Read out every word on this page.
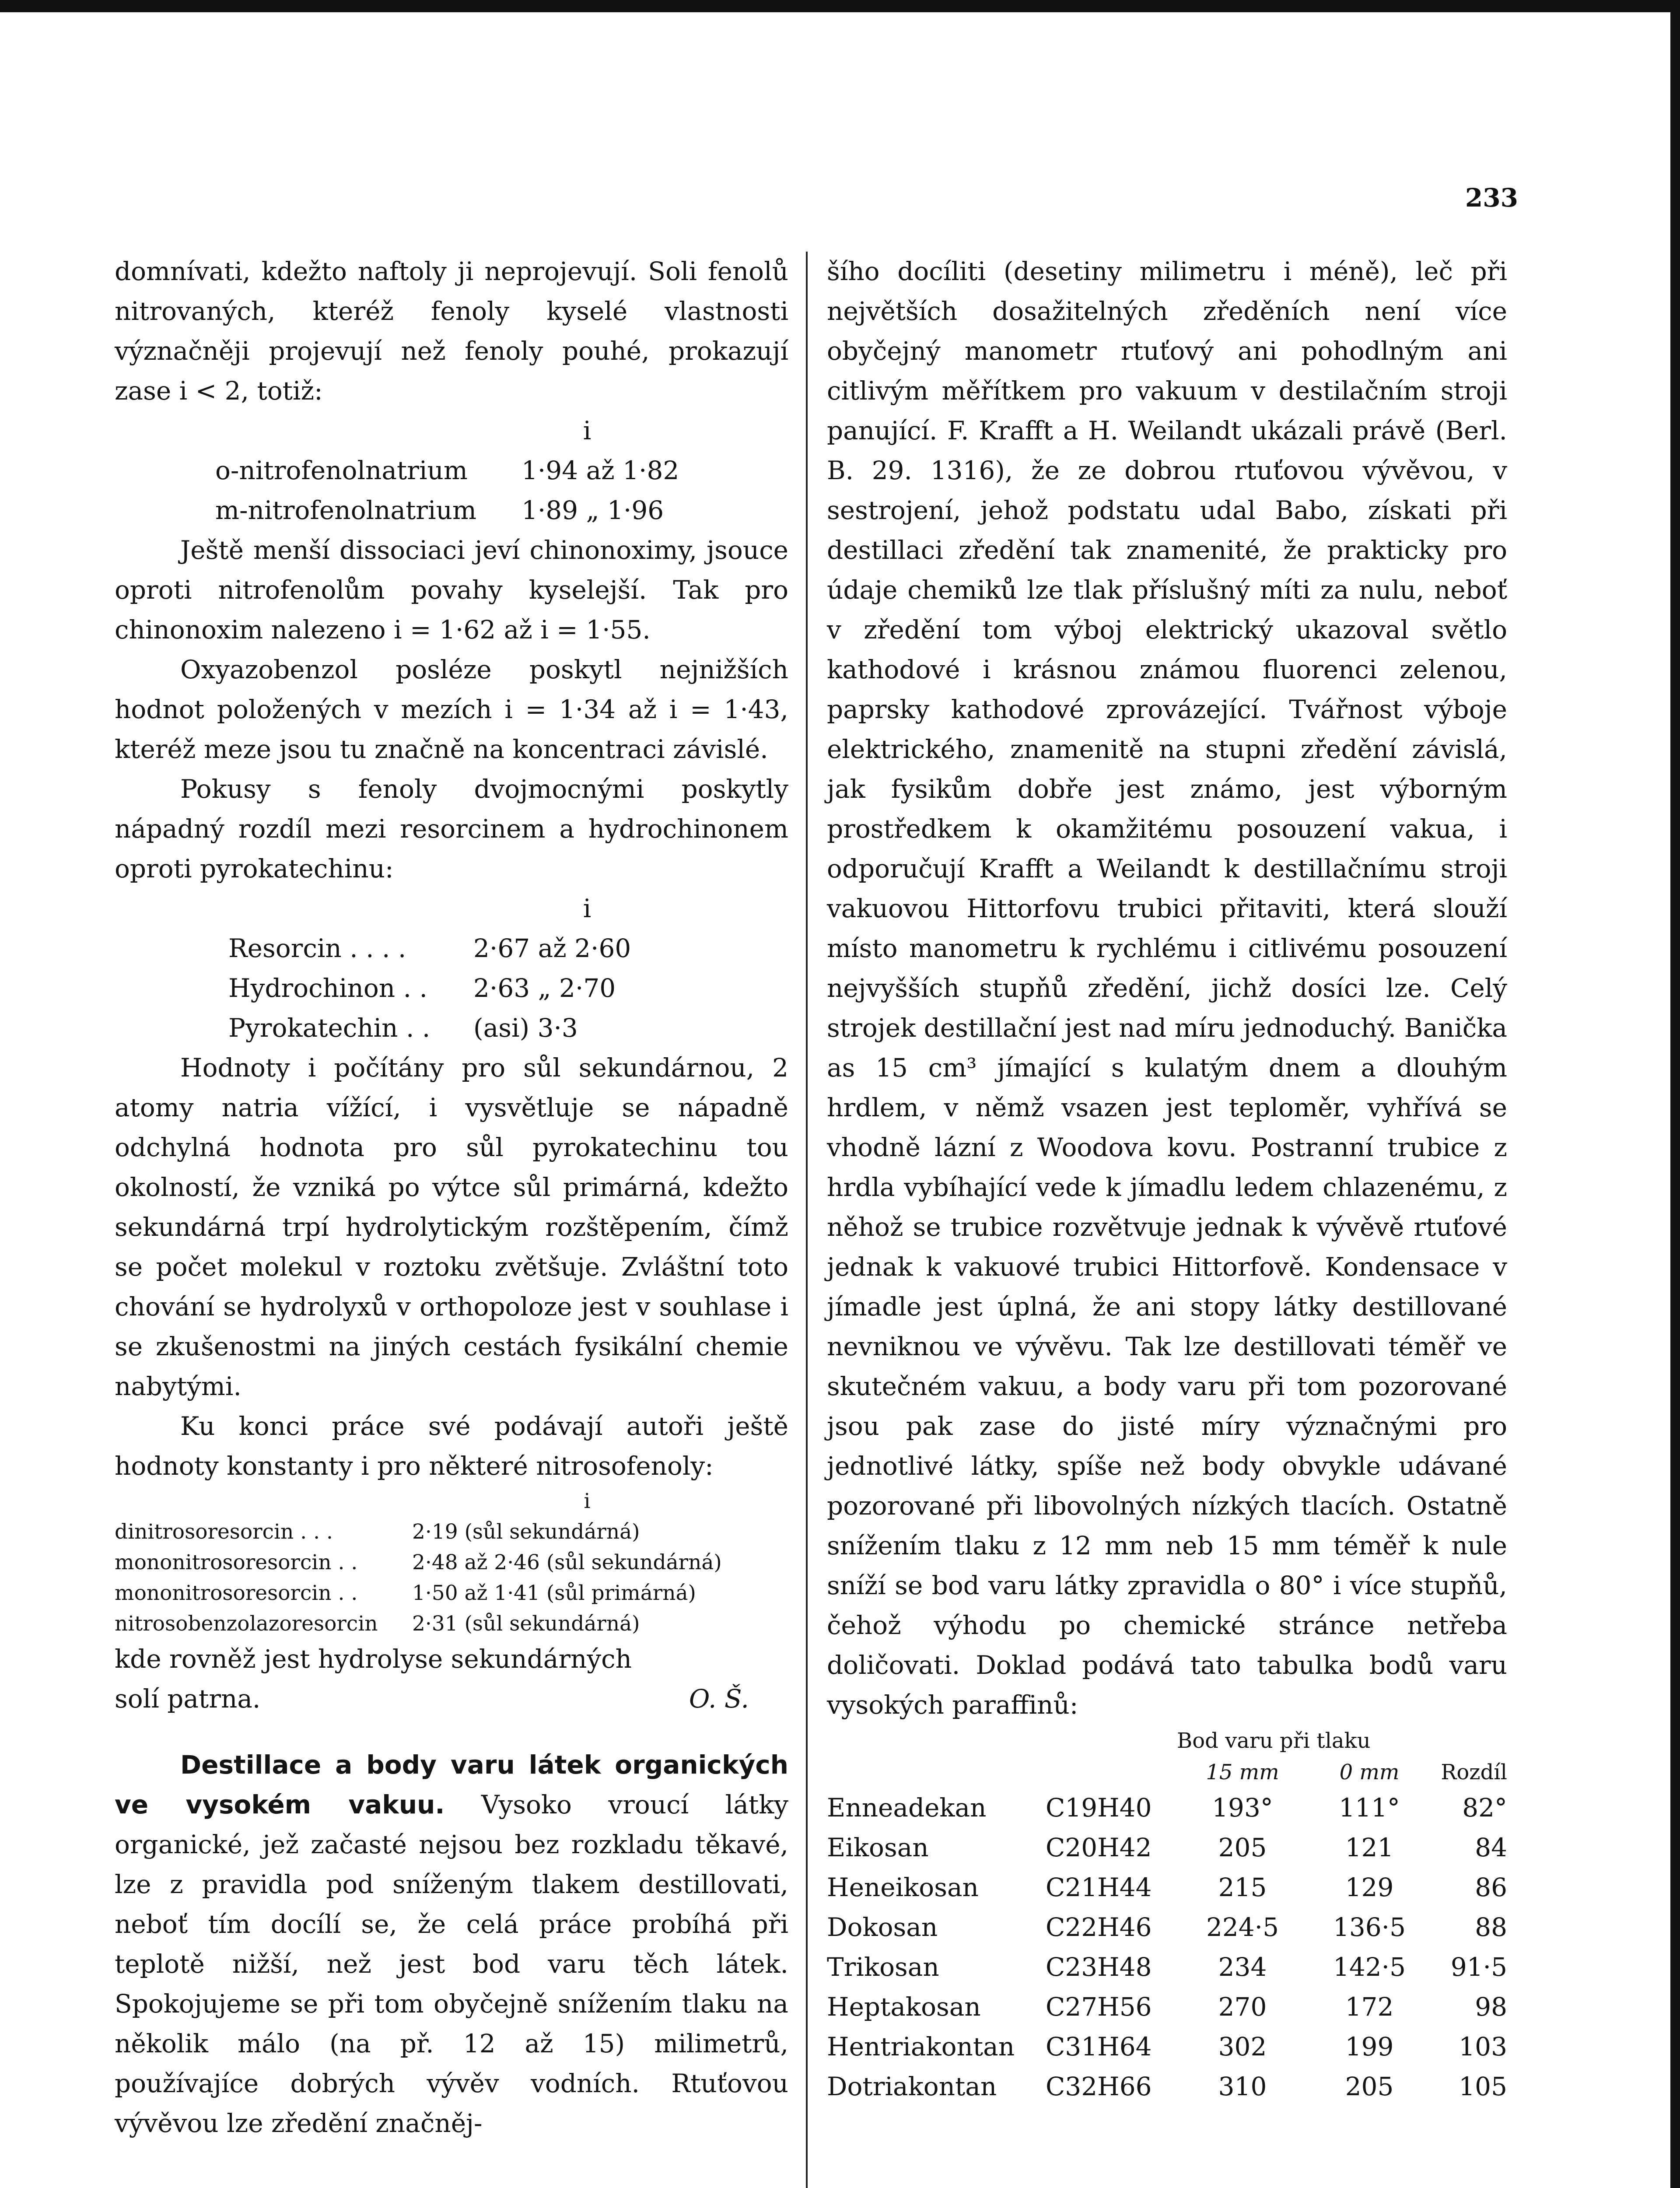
233

domnívati, kdežto naftoly ji neprojevují. Soli fenolů nitrovaných, kteréž fenoly kyselé vlastnosti význačněji projevují než fenoly pouhé, prokazují zase i < 2, totiž:

i
o-nitrofenolnatrium	1·94 až 1·82
m-nitrofenolnatrium	1·89 „ 1·96

Ještě menší dissociaci jeví chinonoximy, jsouce oproti nitrofenolům povahy kyselejší. Tak pro chinonoxim nalezeno i = 1·62 až i = 1·55.

Oxyazobenzol posléze poskytl nejnižších hodnot položených v mezích i = 1·34 až i = 1·43, kteréž meze jsou tu značně na koncentraci závislé.

Pokusy s fenoly dvojmocnými poskytly nápadný rozdíl mezi resorcinem a hydrochinonem oproti pyrokatechinu:

i
Resorcin . . . .	2·67 až 2·60
Hydrochinon . .	2·63 „ 2·70
Pyrokatechin . .	(asi) 3·3

Hodnoty i počítány pro sůl sekundárnou, 2 atomy natria vížící, i vysvětluje se nápadně odchylná hodnota pro sůl pyrokatechinu tou okolností, že vzniká po výtce sůl primárná, kdežto sekundárná trpí hydrolytickým rozštěpením, čímž se počet molekul v roztoku zvětšuje. Zvláštní toto chování se hydrolyxů v orthopoloze jest v souhlase i se zkušenostmi na jiných cestách fysikální chemie nabytými.

Ku konci práce své podávají autoři ještě hodnoty konstanty i pro některé nitrosofenoly:

i
dinitrosoresorcin . . .	2·19 (sůl sekundárná)
mononitrosoresorcin . .	2·48 až 2·46 (sůl sekundárná)
mononitrosoresorcin . .	1·50 až 1·41 (sůl primárná)
nitrosobenzolazoresorcin	2·31 (sůl sekundárná)
kde rovněž jest hydrolyse sekundárných solí patrna.	O. Š.

Destillace a body varu látek organických ve vysokém vakuu. Vysoko vroucí látky organické, jež začasté nejsou bez rozkladu těkavé, lze z pravidla pod sníženým tlakem destillovati, neboť tím docílí se, že celá práce probíhá při teplotě nižší, než jest bod varu těch látek. Spokojujeme se při tom obyčejně snížením tlaku na několik málo (na př. 12 až 15) milimetrů, používajíce dobrých vývěv vodních. Rtuťovou vývěvou lze zředění značněj-

šího docíliti (desetiny milimetru i méně), leč při největších dosažitelných zředěních není více obyčejný manometr rtuťový ani pohodlným ani citlivým měřítkem pro vakuum v destilačním stroji panující. F. Krafft a H. Weilandt ukázali právě (Berl. B. 29. 1316), že ze dobrou rtuťovou vývěvou, v sestrojení, jehož podstatu udal Babo, získati při destillaci zředění tak znamenité, že prakticky pro údaje chemiků lze tlak příslušný míti za nulu, neboť v zředění tom výboj elektrický ukazoval světlo kathodové i krásnou známou fluorenci zelenou, paprsky kathodové zprovázející. Tvářnost výboje elektrického, znamenitě na stupni zředění závislá, jak fysikům dobře jest známo, jest výborným prostředkem k okamžitému posouzení vakua, i odporučují Krafft a Weilandt k destillačnímu stroji vakuovou Hittorfovu trubici přitaviti, která slouží místo manometru k rychlému i citlivému posouzení nejvyšších stupňů zředění, jichž dosíci lze. Celý strojek destillační jest nad míru jednoduchý. Banička as 15 cm³ jímající s kulatým dnem a dlouhým hrdlem, v němž vsazen jest teploměr, vyhřívá se vhodně lázní z Woodova kovu. Postranní trubice z hrdla vybíhající vede k jímadlu ledem chlazenému, z něhož se trubice rozvětvuje jednak k vývěvě rtuťové jednak k vakuové trubici Hittorfově. Kondensace v jímadle jest úplná, že ani stopy látky destillované nevniknou ve vývěvu. Tak lze destillovati téměř ve skutečném vakuu, a body varu při tom pozorované jsou pak zase do jisté míry význačnými pro jednotlivé látky, spíše než body obvykle udávané pozorované při libovolných nízkých tlacích. Ostatně snížením tlaku z 12 mm neb 15 mm téměř k nule sníží se bod varu látky zpravidla o 80° i více stupňů, čehož výhodu po chemické stránce netřeba doličovati. Doklad podává tato tabulka bodů varu vysokých paraffinů:

Bod varu při tlaku
15 mm	0 mm	Rozdíl
Enneadekan	C19H40	193°	111°	82°
Eikosan	C20H42	205	121	84
Heneikosan	C21H44	215	129	86
Dokosan	C22H46	224·5	136·5	88
Trikosan	C23H48	234	142·5	91·5
Heptakosan	C27H56	270	172	98
Hentriakontan	C31H64	302	199	103
Dotriakontan	C32H66	310	205	105
